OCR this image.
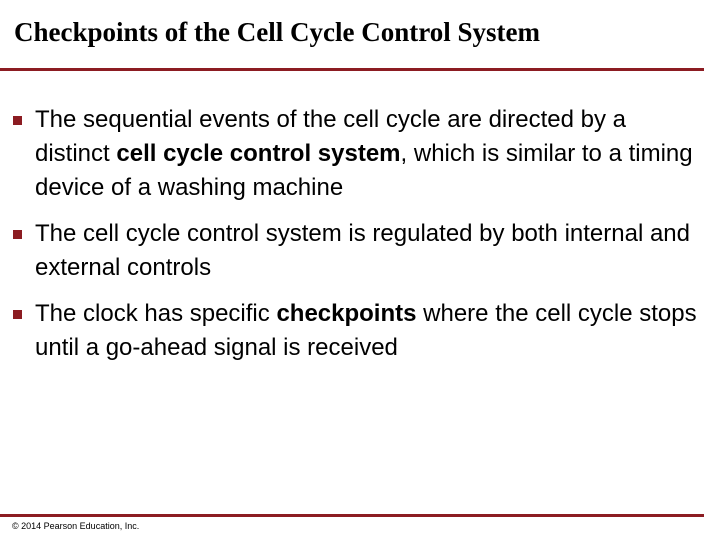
Checkpoints of the Cell Cycle Control System
The sequential events of the cell cycle are directed by a distinct cell cycle control system, which is similar to a timing device of a washing machine
The cell cycle control system is regulated by both internal and external controls
The clock has specific checkpoints where the cell cycle stops until a go-ahead signal is received
© 2014 Pearson Education, Inc.
